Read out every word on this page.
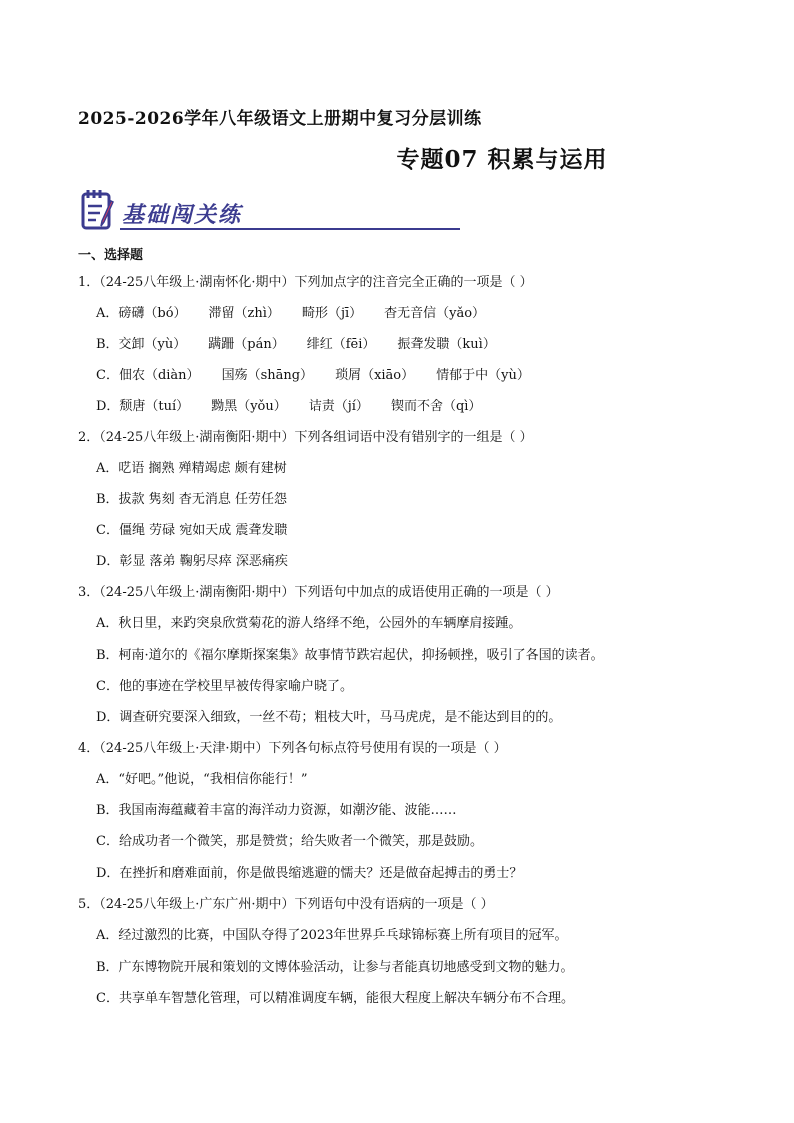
2025-2026学年八年级语文上册期中复习分层训练
专题07 积累与运用
基础闯关练
一、选择题
1．（24-25八年级上·湖南怀化·期中）下列加点字的注音完全正确的一项是（ ）
A．磅礴（bó） 滞留（zhì） 畸形（jī） 杳无音信（yǎo）
B．交卸（yù） 蹒跚（pán） 绯红（fēi） 振聋发聩（kuì）
C．佃农（diàn） 国殇（shāng） 琐屑（xiāo） 情郁于中（yù）
D．颓唐（tuí） 黝黑（yǒu） 诘责（jí） 锲而不舍（qì）
2．（24-25八年级上·湖南衡阳·期中）下列各组词语中没有错别字的一组是（ ）
A．呓语 搁熟 殚精竭虑 颇有建树
B．拔款 隽刻 杳无消息 任劳任怨
C．僵绳 劳碌 宛如天成 震聋发聩
D．彰显 落弟 鞠躬尽瘁 深恶痛疾
3．（24-25八年级上·湖南衡阳·期中）下列语句中加点的成语使用正确的一项是（ ）
A．秋日里，来趵突泉欣赏菊花的游人络绎不绝，公园外的车辆摩肩接踵。
B．柯南·道尔的《福尔摩斯探案集》故事情节跌宕起伏，抑扬顿挫，吸引了各国的读者。
C．他的事迹在学校里早被传得家喻户晓了。
D．调查研究要深入细致，一丝不苟；粗枝大叶，马马虎虎，是不能达到目的的。
4．（24-25八年级上·天津·期中）下列各句标点符号使用有误的一项是（ ）
A．“好吧。”他说，“我相信你能行！”
B．我国南海蕴藏着丰富的海洋动力资源，如潮汐能、波能……
C．给成功者一个微笑，那是赞赏；给失败者一个微笑，那是鼓励。
D．在挫折和磨难面前，你是做畏缩逃避的懦夫？还是做奋起搏击的勇士？
5．（24-25八年级上·广东广州·期中）下列语句中没有语病的一项是（ ）
A．经过激烈的比赛，中国队夺得了2023年世界乒乓球锦标赛上所有项目的冠军。
B．广东博物院开展和策划的文博体验活动，让参与者能真切地感受到文物的魅力。
C．共享单车智慧化管理，可以精准调度车辆，能很大程度上解决车辆分布不合理。
